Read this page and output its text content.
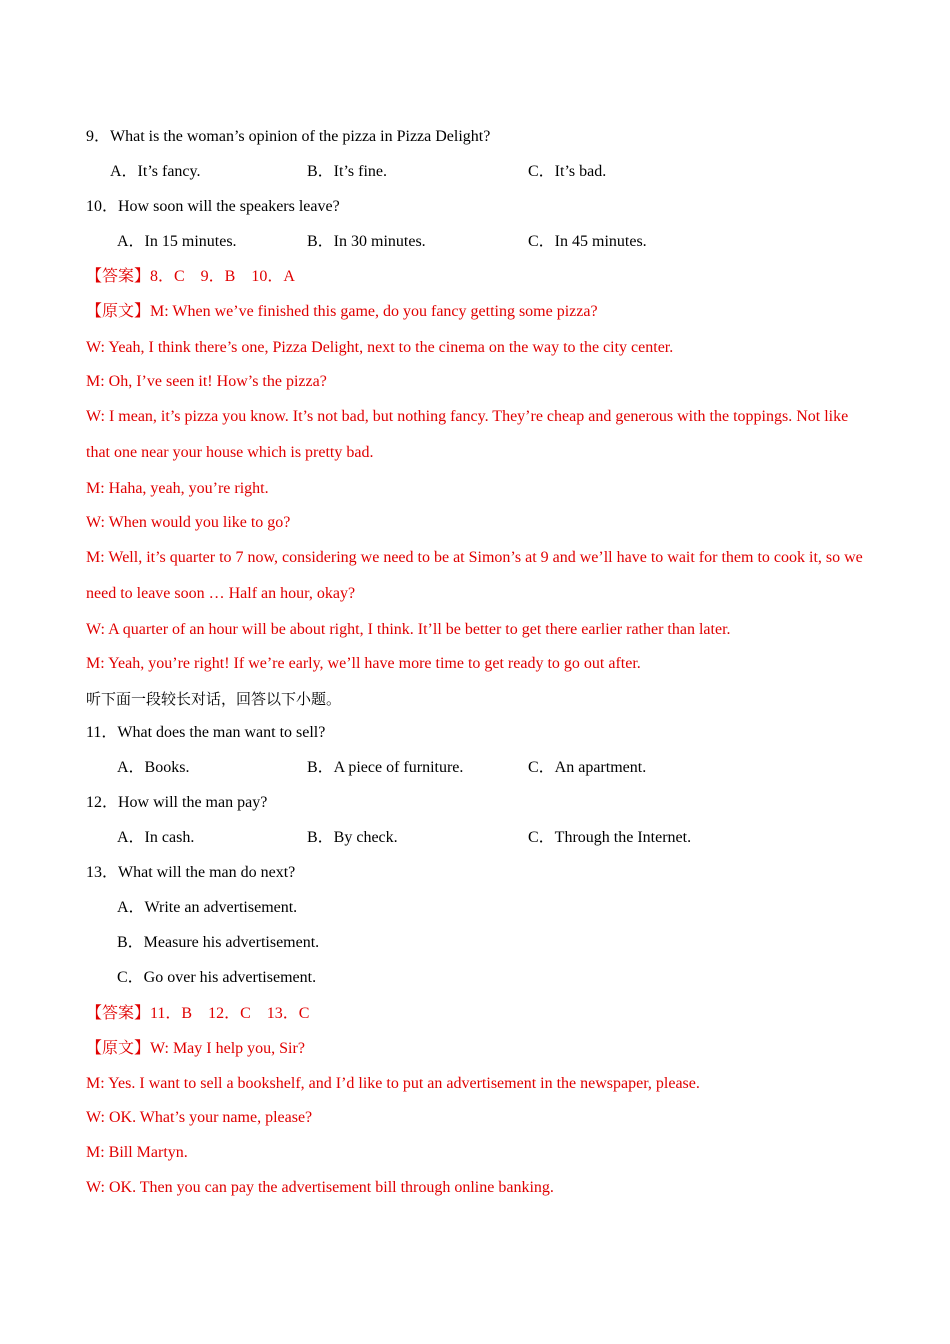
9．What is the woman’s opinion of the pizza in Pizza Delight?
A．It’s fancy.	B．It’s fine.	C．It’s bad.
10．How soon will the speakers leave?
A．In 15 minutes.	B．In 30 minutes.	C．In 45 minutes.
【答案】8．C　9．B　10．A
【原文】M: When we’ve finished this game, do you fancy getting some pizza?
W: Yeah, I think there’s one, Pizza Delight, next to the cinema on the way to the city center.
M: Oh, I’ve seen it! How’s the pizza?
W: I mean, it’s pizza you know. It’s not bad, but nothing fancy. They’re cheap and generous with the toppings. Not like that one near your house which is pretty bad.
M: Haha, yeah, you’re right.
W: When would you like to go?
M: Well, it’s quarter to 7 now, considering we need to be at Simon’s at 9 and we’ll have to wait for them to cook it, so we need to leave soon … Half an hour, okay?
W: A quarter of an hour will be about right, I think. It’ll be better to get there earlier rather than later.
M: Yeah, you’re right! If we’re early, we’ll have more time to get ready to go out after.
听下面一段较长对话，回答以下小题。
11．What does the man want to sell?
A．Books.	B．A piece of furniture.	C．An apartment.
12．How will the man pay?
A．In cash.	B．By check.	C．Through the Internet.
13．What will the man do next?
A．Write an advertisement.
B．Measure his advertisement.
C．Go over his advertisement.
【答案】11．B　12．C　13．C
【原文】W: May I help you, Sir?
M: Yes. I want to sell a bookshelf, and I’d like to put an advertisement in the newspaper, please.
W: OK. What’s your name, please?
M: Bill Martyn.
W: OK. Then you can pay the advertisement bill through online banking.
